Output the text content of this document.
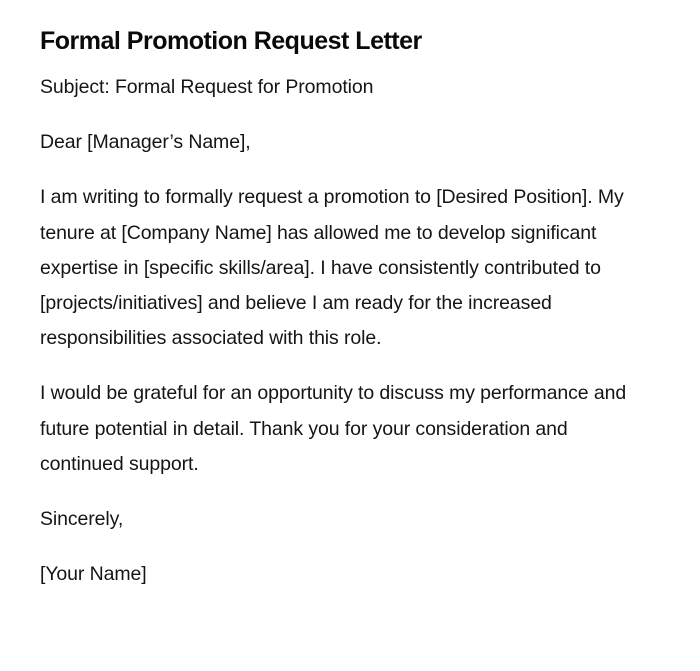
Formal Promotion Request Letter

Subject: Formal Request for Promotion

Dear [Manager’s Name],

I am writing to formally request a promotion to [Desired Position]. My tenure at [Company Name] has allowed me to develop significant expertise in [specific skills/area]. I have consistently contributed to [projects/initiatives] and believe I am ready for the increased responsibilities associated with this role.

I would be grateful for an opportunity to discuss my performance and future potential in detail. Thank you for your consideration and continued support.

Sincerely,

[Your Name]
